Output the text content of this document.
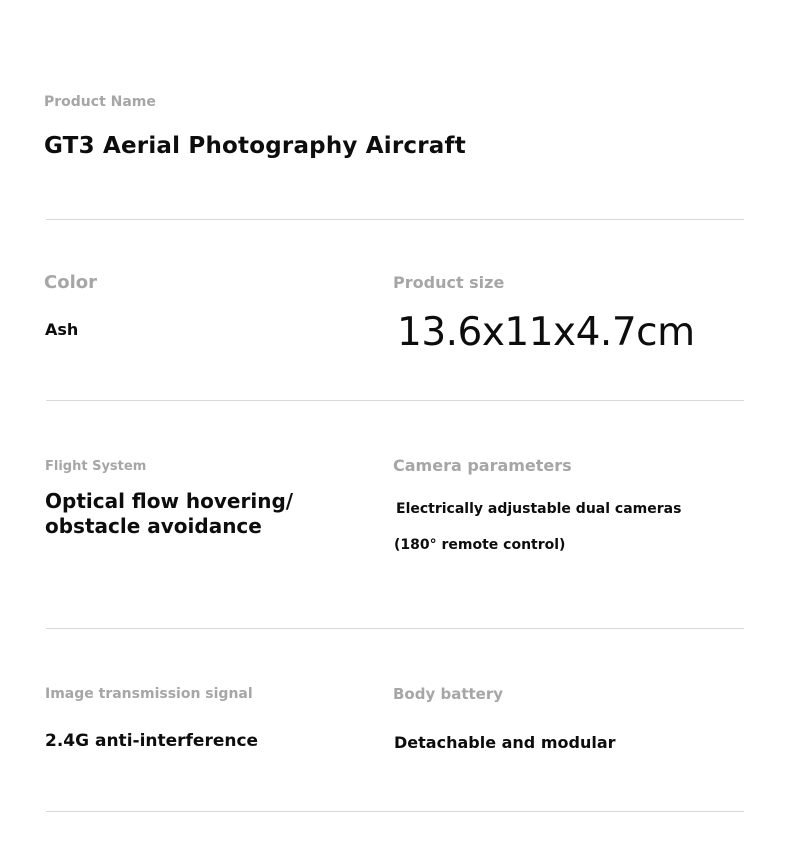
Product Name
GT3 Aerial Photography Aircraft
Color
Ash
Product size
13.6x11x4.7cm
Flight System
Optical flow hovering/ obstacle avoidance
Camera parameters
Electrically adjustable dual cameras
(180° remote control)
Image transmission signal
2.4G anti-interference
Body battery
Detachable and modular
